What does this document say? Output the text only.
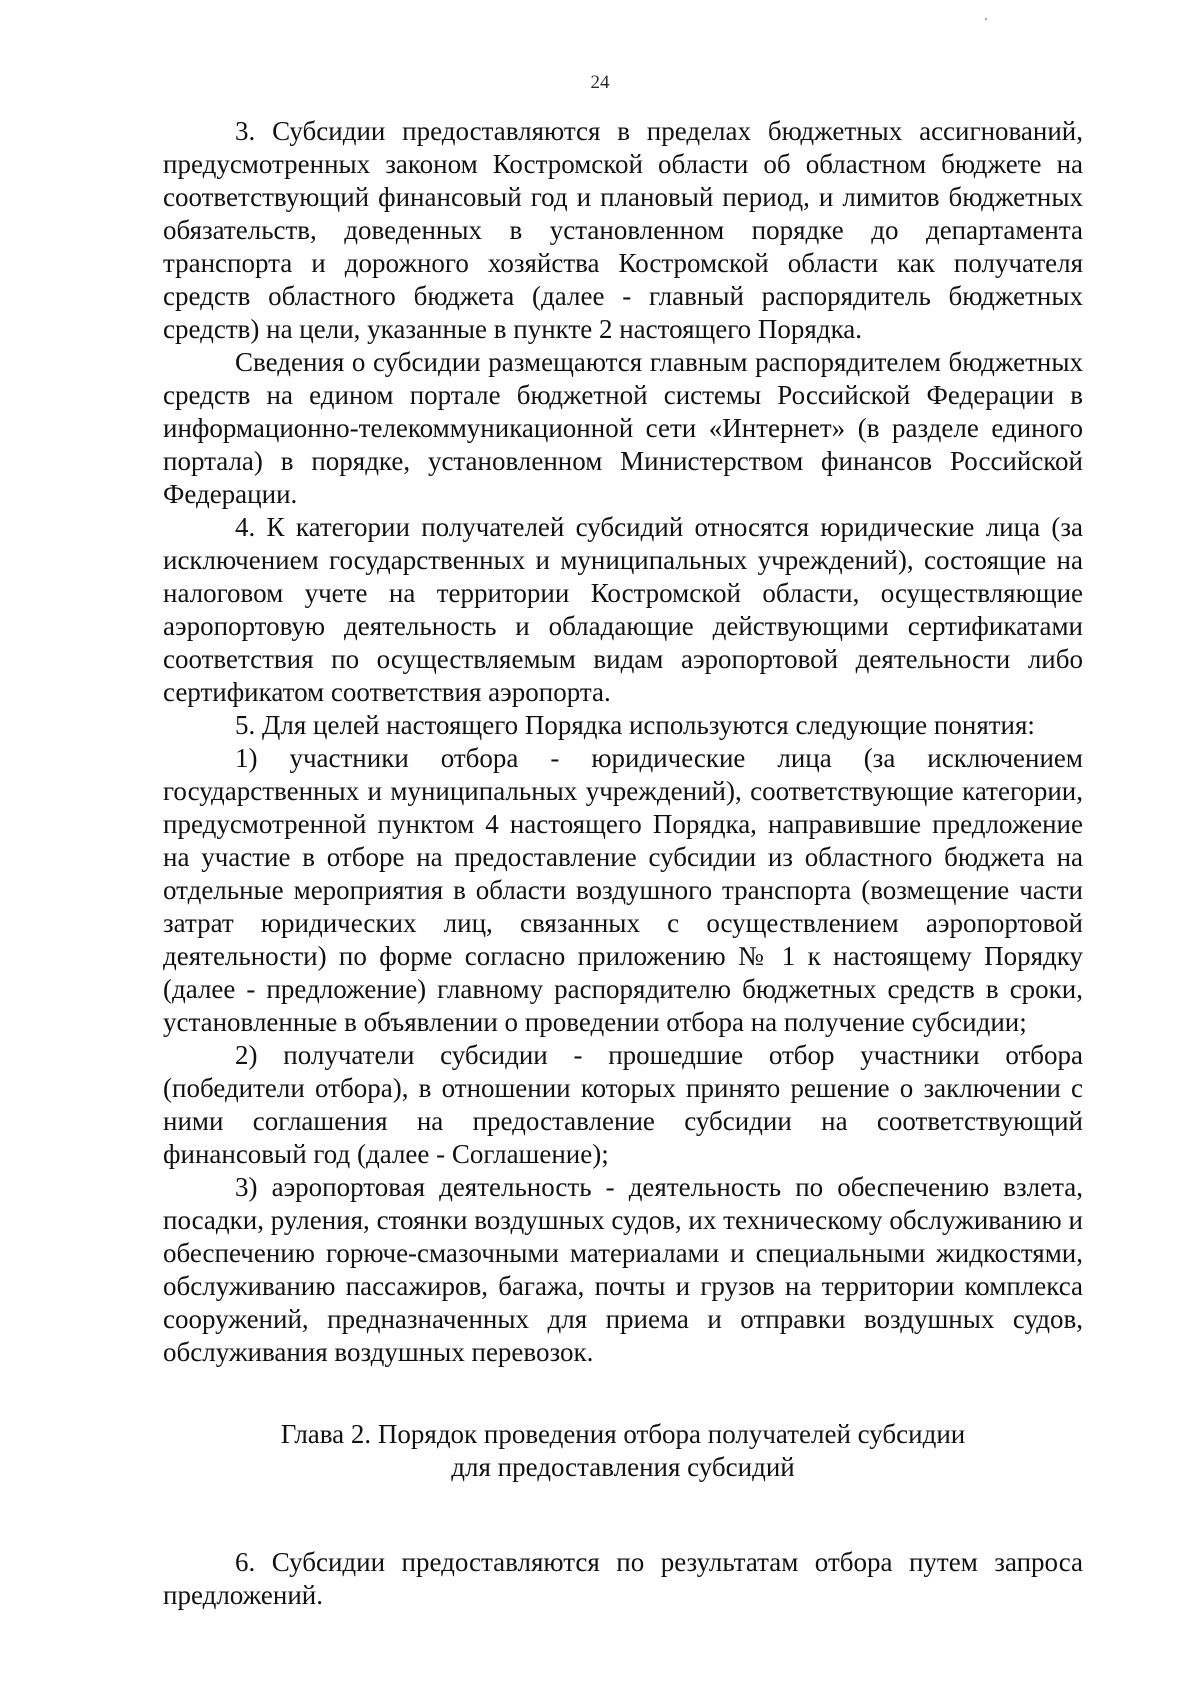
24

3. Субсидии предоставляются в пределах бюджетных ассигнований, предусмотренных законом Костромской области об областном бюджете на соответствующий финансовый год и плановый период, и лимитов бюджетных обязательств, доведенных в установленном порядке до департамента транспорта и дорожного хозяйства Костромской области как получателя средств областного бюджета (далее - главный распорядитель бюджетных средств) на цели, указанные в пункте 2 настоящего Порядка.

Сведения о субсидии размещаются главным распорядителем бюджетных средств на едином портале бюджетной системы Российской Федерации в информационно-телекоммуникационной сети «Интернет» (в разделе единого портала) в порядке, установленном Министерством финансов Российской Федерации.

4. К категории получателей субсидий относятся юридические лица (за исключением государственных и муниципальных учреждений), состоящие на налоговом учете на территории Костромской области, осуществляющие аэропортовую деятельность и обладающие действующими сертификатами соответствия по осуществляемым видам аэропортовой деятельности либо сертификатом соответствия аэропорта.

5. Для целей настоящего Порядка используются следующие понятия:

1) участники отбора - юридические лица (за исключением государственных и муниципальных учреждений), соответствующие категории, предусмотренной пунктом 4 настоящего Порядка, направившие предложение на участие в отборе на предоставление субсидии из областного бюджета на отдельные мероприятия в области воздушного транспорта (возмещение части затрат юридических лиц, связанных с осуществлением аэропортовой деятельности) по форме согласно приложению № 1 к настоящему Порядку (далее - предложение) главному распорядителю бюджетных средств в сроки, установленные в объявлении о проведении отбора на получение субсидии;

2) получатели субсидии - прошедшие отбор участники отбора (победители отбора), в отношении которых принято решение о заключении с ними соглашения на предоставление субсидии на соответствующий финансовый год (далее - Соглашение);

3) аэропортовая деятельность - деятельность по обеспечению взлета, посадки, руления, стоянки воздушных судов, их техническому обслуживанию и обеспечению горюче-смазочными материалами и специальными жидкостями, обслуживанию пассажиров, багажа, почты и грузов на территории комплекса сооружений, предназначенных для приема и отправки воздушных судов, обслуживания воздушных перевозок.

Глава 2. Порядок проведения отбора получателей субсидии
для предоставления субсидий

6. Субсидии предоставляются по результатам отбора путем запроса предложений.
